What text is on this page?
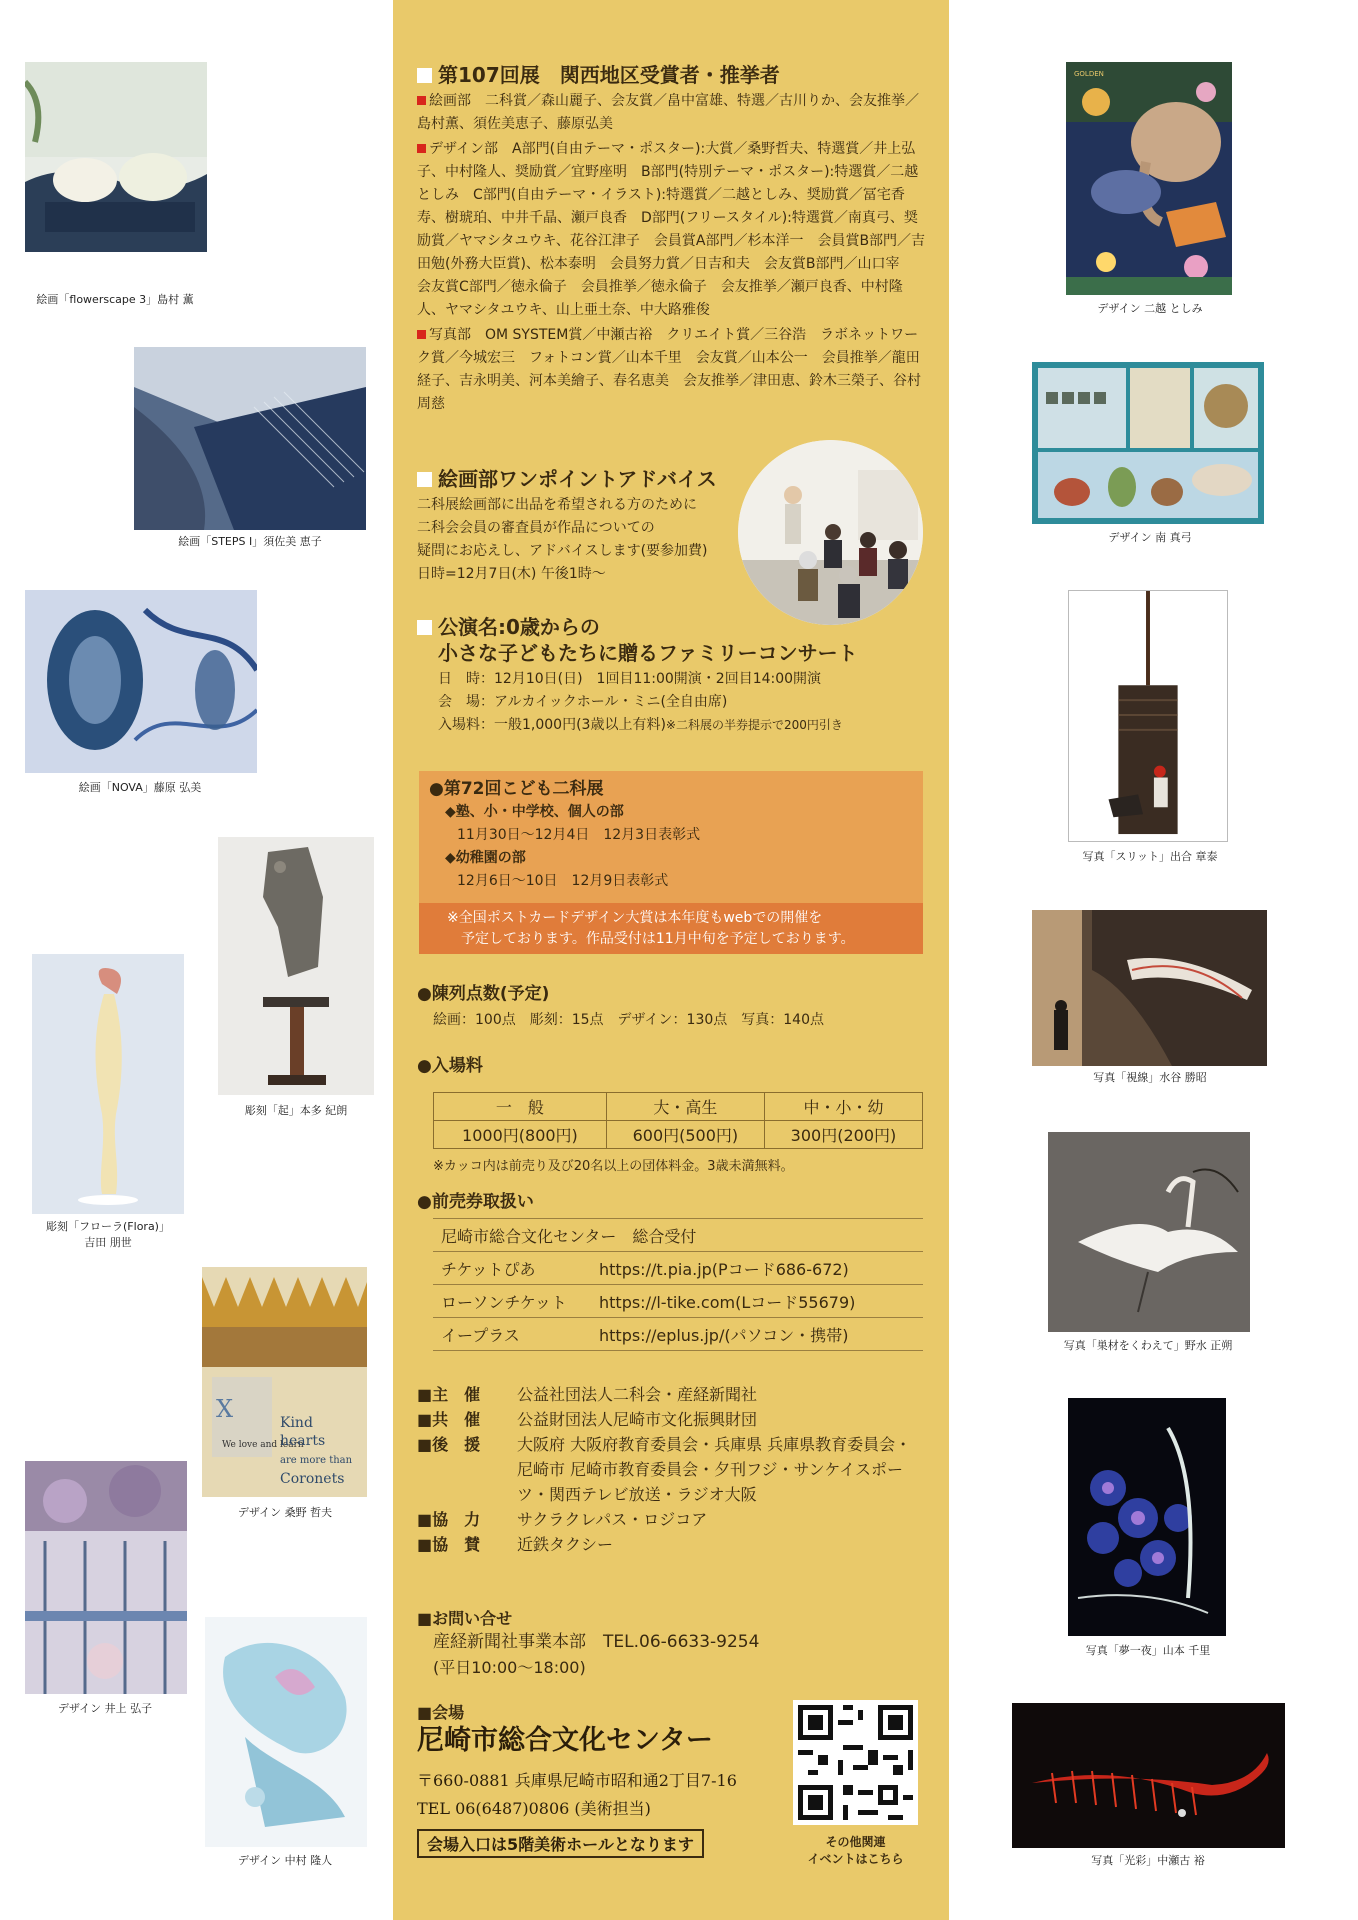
絵画「flowerscape 3」島村 薫
絵画「STEPS I」須佐美 恵子
絵画「NOVA」藤原 弘美
彫刻「起」本多 紀朗
彫刻「フローラ(Flora)」
吉田 朋世
X
We love and learn
Kind
hearts
are more than
Coronets
デザイン 桑野 哲夫
デザイン 井上 弘子
デザイン 中村 隆人
第107回展　関西地区受賞者・推挙者
絵画部　二科賞／森山麗子、会友賞／畠中富雄、特選／古川りか、会友推挙／島村薫、須佐美恵子、藤原弘美
デザイン部　A部門(自由テーマ・ポスター):大賞／桑野哲夫、特選賞／井上弘子、中村隆人、奨励賞／宜野座明　B部門(特別テーマ・ポスター):特選賞／二越としみ　C部門(自由テーマ・イラスト):特選賞／二越としみ、奨励賞／冨宅香寿、樹琥珀、中井千晶、瀬戸良香　D部門(フリースタイル):特選賞／南真弓、奨励賞／ヤマシタユウキ、花谷江津子　会員賞A部門／杉本洋一　会員賞B部門／吉田勉(外務大臣賞)、松本泰明　会員努力賞／日吉和夫　会友賞B部門／山口宰　会友賞C部門／徳永倫子　会員推挙／徳永倫子　会友推挙／瀬戸良香、中村隆人、ヤマシタユウキ、山上亜土奈、中大路雅俊
写真部　OM SYSTEM賞／中瀬古裕　クリエイト賞／三谷浩　ラボネットワーク賞／今城宏三　フォトコン賞／山本千里　会友賞／山本公一　会員推挙／龍田経子、吉永明美、河本美繪子、春名恵美　会友推挙／津田恵、鈴木三榮子、谷村周慈
絵画部ワンポイントアドバイス
二科展絵画部に出品を希望される方のために
二科会会員の審査員が作品についての
疑問にお応えし、アドバイスします(要参加費)
日時=12月7日(木) 午後1時～
公演名:0歳からの
小さな子どもたちに贈るファミリーコンサート
日　時：12月10日(日)　1回目11:00開演・2回目14:00開演
会　場：アルカイックホール・ミニ(全自由席)
入場料：一般1,000円(3歳以上有料)※二科展の半券提示で200円引き
●第72回こども二科展
◆塾、小・中学校、個人の部
11月30日～12月4日　12月3日表彰式
◆幼稚園の部
12月6日～10日　12月9日表彰式
※全国ポストカードデザイン大賞は本年度もwebでの開催を
予定しております。作品受付は11月中旬を予定しております。
●陳列点数(予定)
絵画：100点　彫刻：15点　デザイン：130点　写真：140点
●入場料
一　般	大・高生	中・小・幼
1000円(800円)	600円(500円)	300円(200円)
※カッコ内は前売り及び20名以上の団体料金。3歳未満無料。
●前売券取扱い
尼崎市総合文化センター　総合受付
チケットぴあ	https://t.pia.jp(Pコード686-672)
ローソンチケット	https://l-tike.com(Lコード55679)
イープラス	https://eplus.jp/(パソコン・携帯)
■主　催	公益社団法人二科会・産経新聞社
■共　催	公益財団法人尼崎市文化振興財団
■後　援	大阪府 大阪府教育委員会・兵庫県 兵庫県教育委員会・尼崎市 尼崎市教育委員会・夕刊フジ・サンケイスポーツ・関西テレビ放送・ラジオ大阪
■協　力	サクラクレパス・ロジコア
■協　賛	近鉄タクシー
■お問い合せ
産経新聞社事業本部　TEL.06-6633-9254
(平日10:00～18:00)
■会場
尼崎市総合文化センター
〒660-0881 兵庫県尼崎市昭和通2丁目7-16
TEL 06(6487)0806 (美術担当)
会場入口は5階美術ホールとなります	その他関連
イベントはこちら
GOLDEN
デザイン 二越 としみ
デザイン 南 真弓
写真「スリット」出合 章泰
写真「視線」水谷 勝昭
写真「巣材をくわえて」野水 正朔
写真「夢一夜」山本 千里
写真「光彩」中瀬古 裕
